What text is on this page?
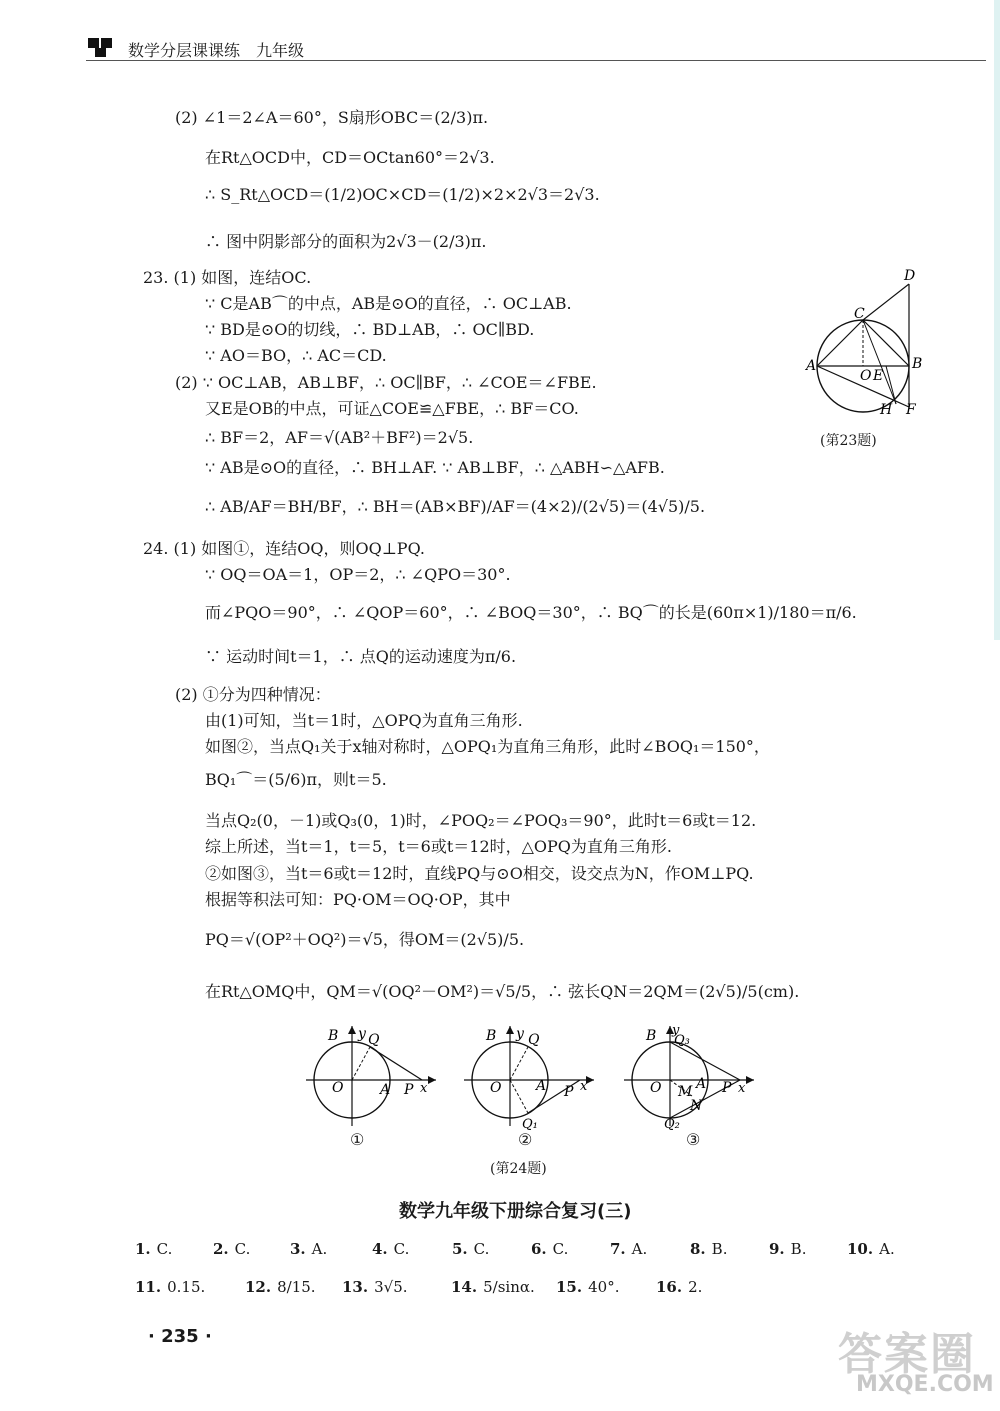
数学分层课课练　九年级
(2) ∠1＝2∠A＝60°，S扇形OBC＝(2/3)π.
在Rt△OCD中，CD＝OCtan60°＝2√3.
∴ S_Rt△OCD＝(1/2)OC×CD＝(1/2)×2×2√3＝2√3.
∴ 图中阴影部分的面积为2√3－(2/3)π.
23. (1) 如图，连结OC.
∵ C是AB⌒的中点，AB是⊙O的直径，∴ OC⊥AB.
∵ BD是⊙O的切线，∴ BD⊥AB，∴ OC∥BD.
∵ AO＝BO，∴ AC＝CD.
(2) ∵ OC⊥AB，AB⊥BF，∴ OC∥BF，∴ ∠COE＝∠FBE.
又E是OB的中点，可证△COE≌△FBE，∴ BF＝CO.
∴ BF＝2，AF＝√(AB²＋BF²)＝2√5.
∵ AB是⊙O的直径，∴ BH⊥AF. ∵ AB⊥BF，∴ △ABH∽△AFB.
∴ AB/AF＝BH/BF，∴ BH＝(AB×BF)/AF＝(4×2)/(2√5)＝(4√5)/5.
24. (1) 如图①，连结OQ，则OQ⊥PQ.
∵ OQ＝OA＝1，OP＝2，∴ ∠QPO＝30°.
而∠PQO＝90°，∴ ∠QOP＝60°，∴ ∠BOQ＝30°，∴ BQ⌒的长是(60π×1)/180＝π/6.
∵ 运动时间t＝1，∴ 点Q的运动速度为π/6.
(2) ①分为四种情况：
由(1)可知，当t＝1时，△OPQ为直角三角形.
如图②，当点Q₁关于x轴对称时，△OPQ₁为直角三角形，此时∠BOQ₁＝150°，
BQ₁⌒＝(5/6)π，则t＝5.
当点Q₂(0，－1)或Q₃(0，1)时，∠POQ₂＝∠POQ₃＝90°，此时t＝6或t＝12.
综上所述，当t＝1，t＝5，t＝6或t＝12时，△OPQ为直角三角形.
②如图③，当t＝6或t＝12时，直线PQ与⊙O相交，设交点为N，作OM⊥PQ.
根据等积法可知：PQ·OM＝OQ·OP，其中
PQ＝√(OP²＋OQ²)＝√5，得OM＝(2√5)/5.
在Rt△OMQ中，QM＝√(OQ²－OM²)＝√5/5，∴ 弦长QN＝2QM＝(2√5)/5(cm).
D
C
A	B
O E
H F
(第23题)
B y Q
O	A P x
①
B y Q
O A P x
Q₁
②
B y
Q₃
O M A
N
P x
Q₂
③
(第24题)
数学九年级下册综合复习(三)
1. C.	2. C.	3. A.	4. C.	5. C.	6. C.	7. A.	8. B.	9. B.	10. A.
11. 0.15.	12. 8/15. 13. 3√5.	14. 5/sinα. 15. 40°. 16. 2.
· 235 ·	答案圈
MXQE.COM
